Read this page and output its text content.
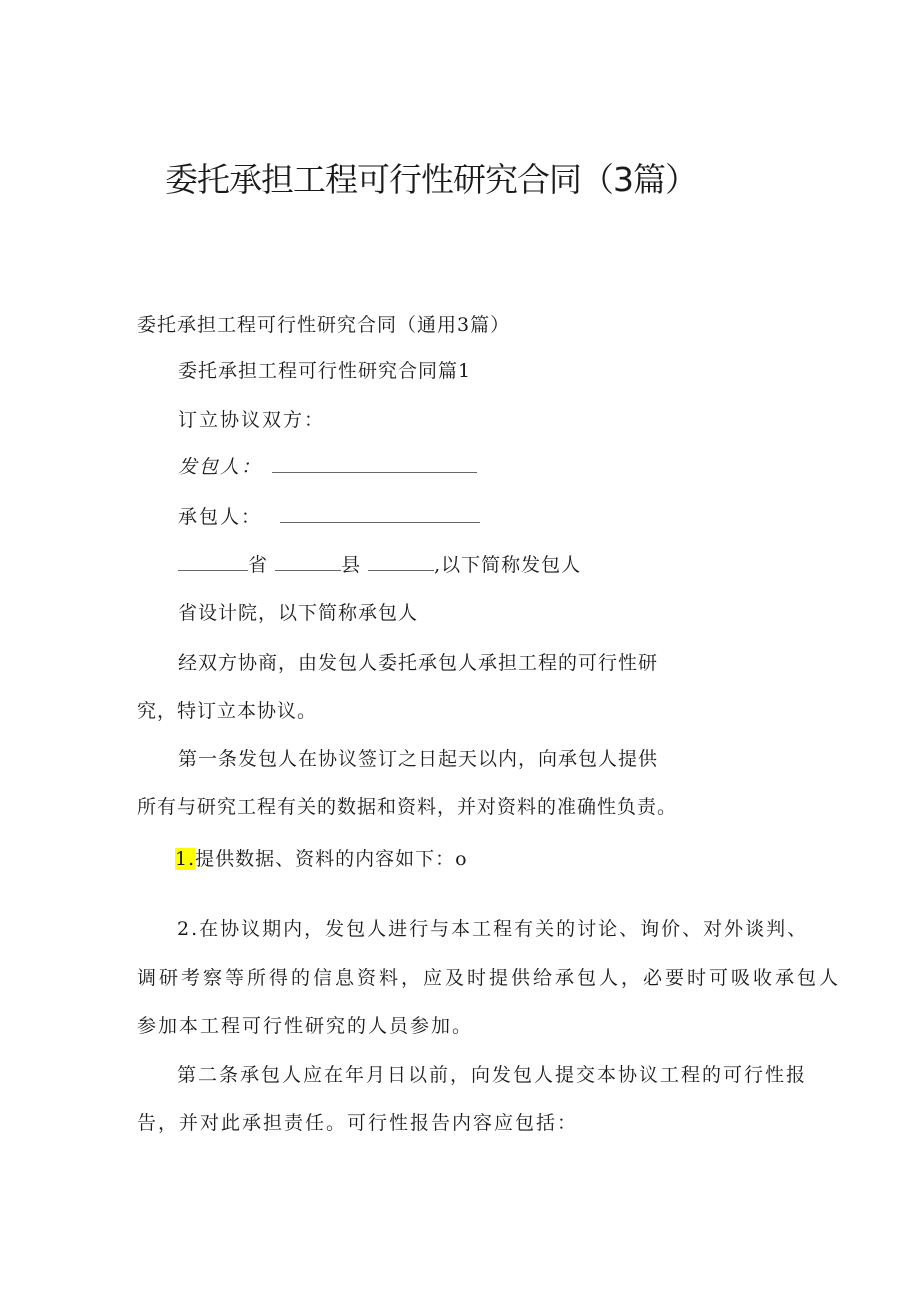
委托承担工程可行性研究合同（3篇）
委托承担工程可行性研究合同（通用3篇）
委托承担工程可行性研究合同篇1
订立协议双方：
发包人：
承包人：
省	县	,以下简称发包人
省设计院，以下简称承包人
经双方协商，由发包人委托承包人承担工程的可行性研
究，特订立本协议。
第一条发包人在协议签订之日起天以内，向承包人提供
所有与研究工程有关的数据和资料，并对资料的准确性负责。
1.提供数据、资料的内容如下：o
2.在协议期内，发包人进行与本工程有关的讨论、询价、对外谈判、
调研考察等所得的信息资料，应及时提供给承包人，必要时可吸收承包人
参加本工程可行性研究的人员参加。
第二条承包人应在年月日以前，向发包人提交本协议工程的可行性报
告，并对此承担责任。可行性报告内容应包括：
